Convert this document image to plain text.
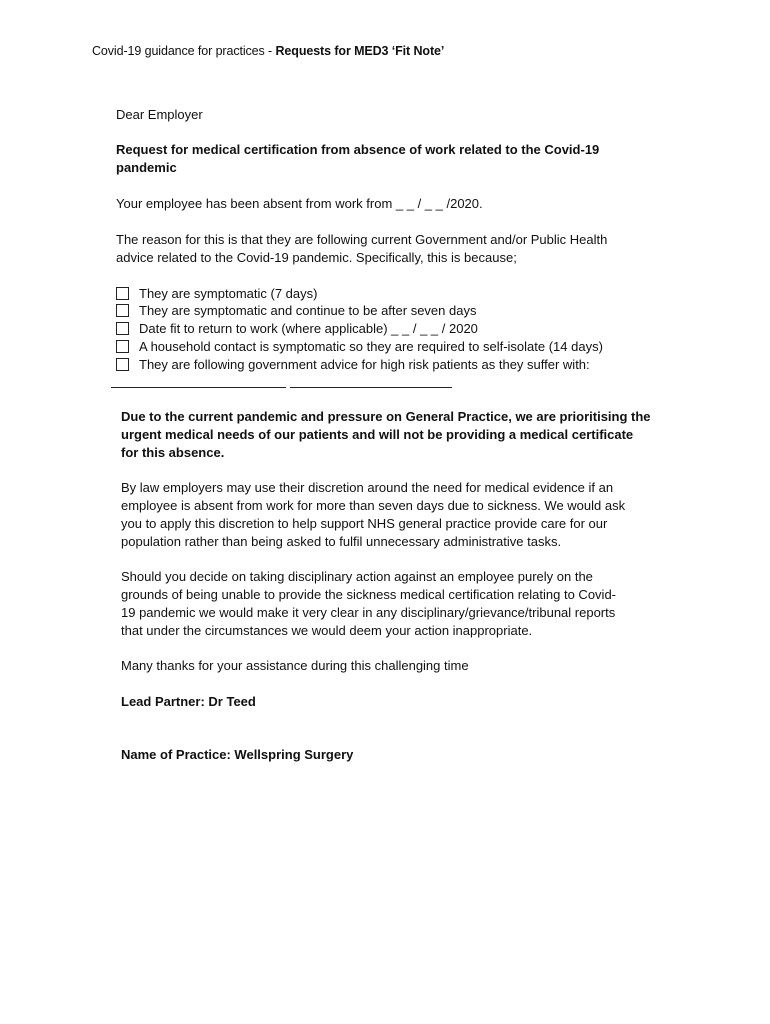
Covid-19 guidance for practices - Requests for MED3 ‘Fit Note’
Dear Employer
Request for medical certification from absence of work related to the Covid-19
pandemic
Your employee has been absent from work from _ _ / _ _ /2020.
The reason for this is that they are following current Government and/or Public Health
advice related to the Covid-19 pandemic. Specifically, this is because;
They are symptomatic (7 days)
They are symptomatic and continue to be after seven days
Date fit to return to work (where applicable) _ _ / _ _ / 2020
A household contact is symptomatic so they are required to self-isolate (14 days)
They are following government advice for high risk patients as they suffer with:
Due to the current pandemic and pressure on General Practice, we are prioritising the
urgent medical needs of our patients and will not be providing a medical certificate
for this absence.
By law employers may use their discretion around the need for medical evidence if an
employee is absent from work for more than seven days due to sickness. We would ask
you to apply this discretion to help support NHS general practice provide care for our
population rather than being asked to fulfil unnecessary administrative tasks.
Should you decide on taking disciplinary action against an employee purely on the
grounds of being unable to provide the sickness medical certification relating to Covid-
19 pandemic we would make it very clear in any disciplinary/grievance/tribunal reports
that under the circumstances we would deem your action inappropriate.
Many thanks for your assistance during this challenging time
Lead Partner: Dr Teed
Name of Practice: Wellspring Surgery
